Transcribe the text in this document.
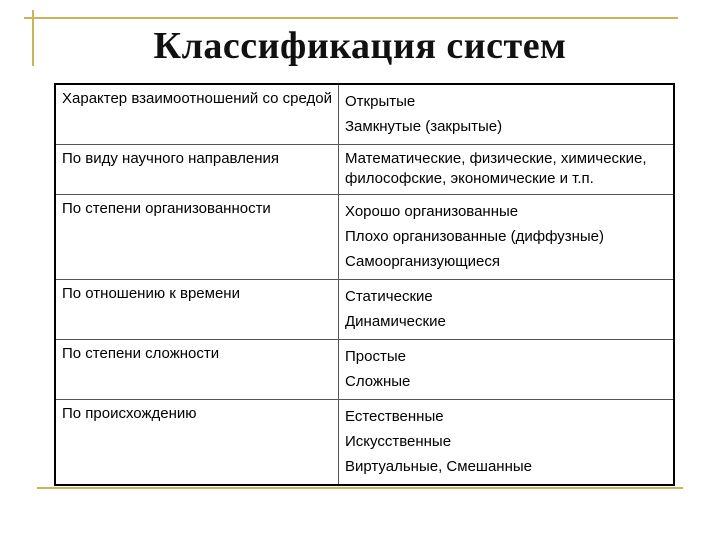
Классификация систем
Характер взаимоотношений со средой	Открытые
Замкнутые (закрытые)

По виду научного направления	Математические, физические, химические, философские, экономические и т.п.

По степени организованности	Хорошо организованные
Плохо организованные (диффузные)
Самоорганизующиеся

По отношению к времени	Статические
Динамические

По степени сложности	Простые
Сложные

По происхождению	Естественные
Искусственные
Виртуальные, Смешанные
